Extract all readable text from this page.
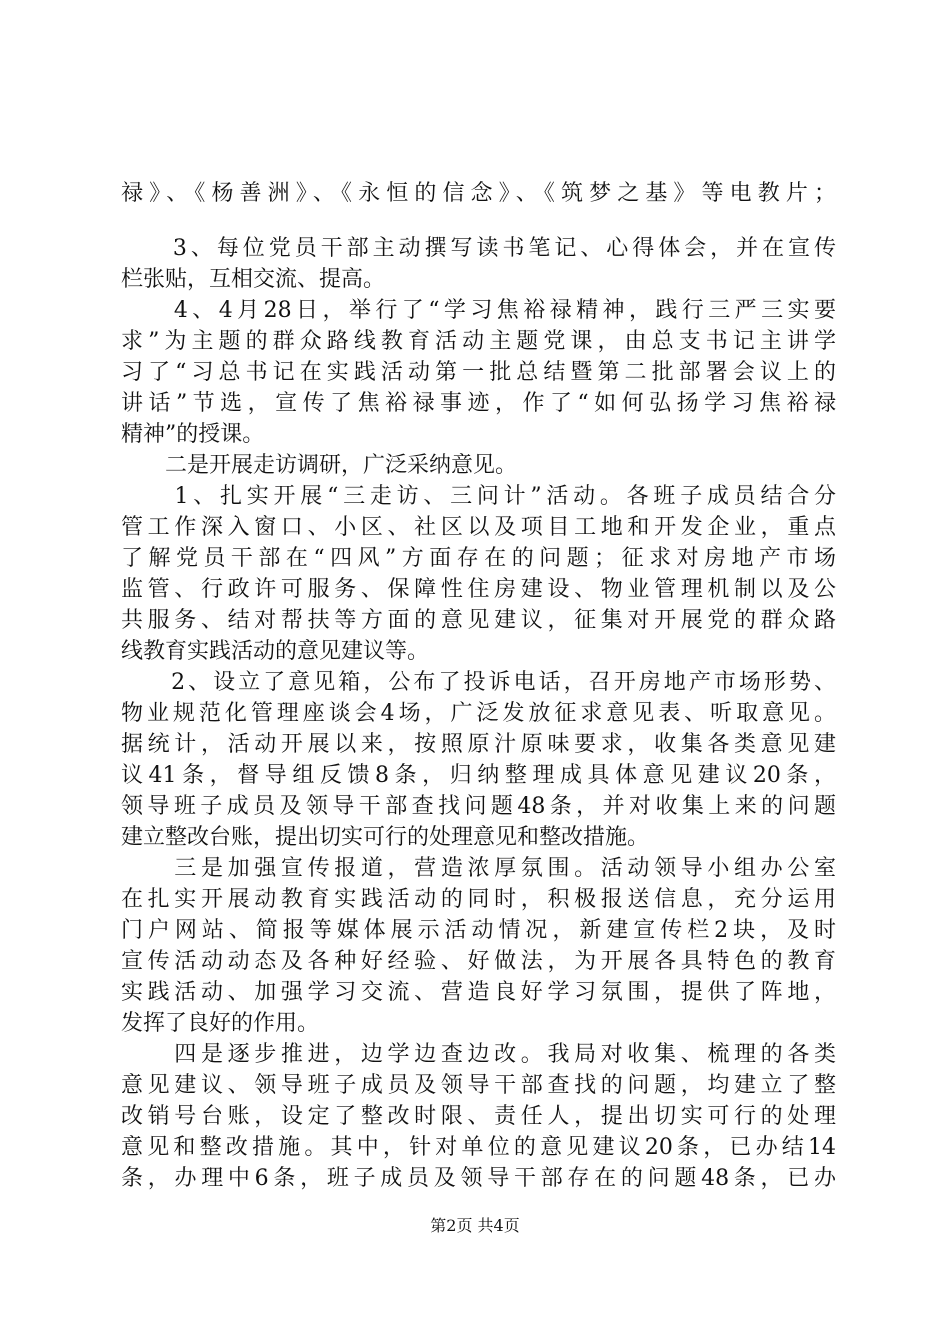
禄》、《杨善洲》、《永恒的信念》、《筑梦之基》等电教片；
　　3、每位党员干部主动撰写读书笔记、心得体会，并在宣传
栏张贴，互相交流、提高。
　　4、4月28日，举行了“学习焦裕禄精神，践行三严三实要
求”为主题的群众路线教育活动主题党课，由总支书记主讲学
习了“习总书记在实践活动第一批总结暨第二批部署会议上的
讲话”节选，宣传了焦裕禄事迹，作了“如何弘扬学习焦裕禄
精神”的授课。
　　二是开展走访调研，广泛采纳意见。
　　1、扎实开展“三走访、三问计”活动。各班子成员结合分
管工作深入窗口、小区、社区以及项目工地和开发企业，重点
了解党员干部在“四风”方面存在的问题；征求对房地产市场
监管、行政许可服务、保障性住房建设、物业管理机制以及公
共服务、结对帮扶等方面的意见建议，征集对开展党的群众路
线教育实践活动的意见建议等。
　　2、设立了意见箱，公布了投诉电话，召开房地产市场形势、
物业规范化管理座谈会4场，广泛发放征求意见表、听取意见。
据统计，活动开展以来，按照原汁原味要求，收集各类意见建
议41条，督导组反馈8条，归纳整理成具体意见建议20条，
领导班子成员及领导干部查找问题48条，并对收集上来的问题
建立整改台账，提出切实可行的处理意见和整改措施。
　　三是加强宣传报道，营造浓厚氛围。活动领导小组办公室
在扎实开展动教育实践活动的同时，积极报送信息，充分运用
门户网站、简报等媒体展示活动情况，新建宣传栏2块，及时
宣传活动动态及各种好经验、好做法，为开展各具特色的教育
实践活动、加强学习交流、营造良好学习氛围，提供了阵地，
发挥了良好的作用。
　　四是逐步推进，边学边查边改。我局对收集、梳理的各类
意见建议、领导班子成员及领导干部查找的问题，均建立了整
改销号台账，设定了整改时限、责任人，提出切实可行的处理
意见和整改措施。其中，针对单位的意见建议20条，已办结14
条，办理中6条，班子成员及领导干部存在的问题48条，已办
第2页 共4页
